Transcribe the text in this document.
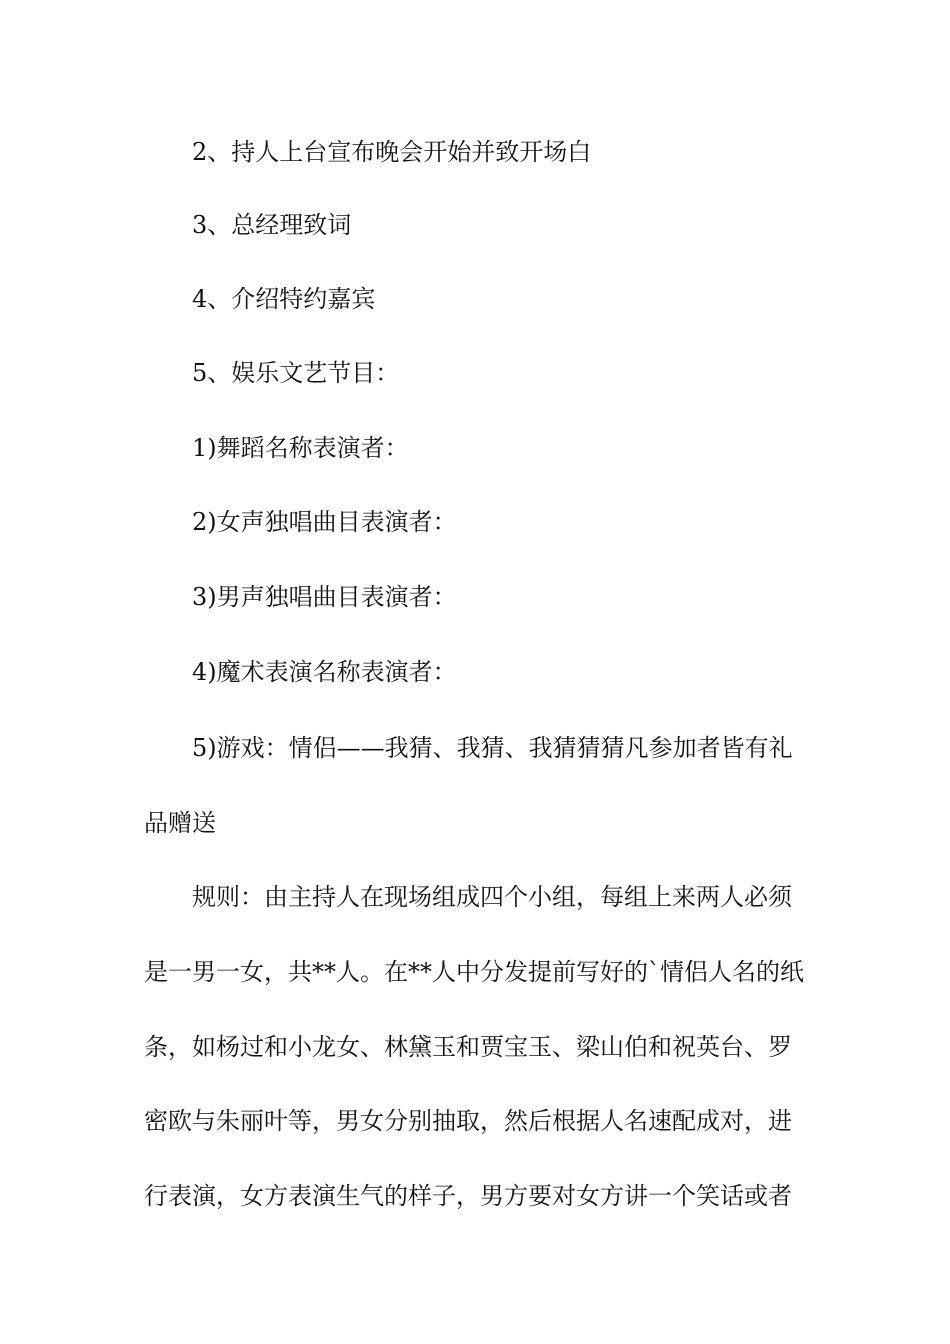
2、持人上台宣布晚会开始并致开场白

3、总经理致词

4、介绍特约嘉宾

5、娱乐文艺节目：

1)舞蹈名称表演者：

2)女声独唱曲目表演者：

3)男声独唱曲目表演者：

4)魔术表演名称表演者：

5)游戏：情侣——我猜、我猜、我猜猜猜凡参加者皆有礼

品赠送

规则：由主持人在现场组成四个小组，每组上来两人必须

是一男一女，共**人。在**人中分发提前写好的`情侣人名的纸

条，如杨过和小龙女、林黛玉和贾宝玉、梁山伯和祝英台、罗

密欧与朱丽叶等，男女分别抽取，然后根据人名速配成对，进

行表演，女方表演生气的样子，男方要对女方讲一个笑话或者
